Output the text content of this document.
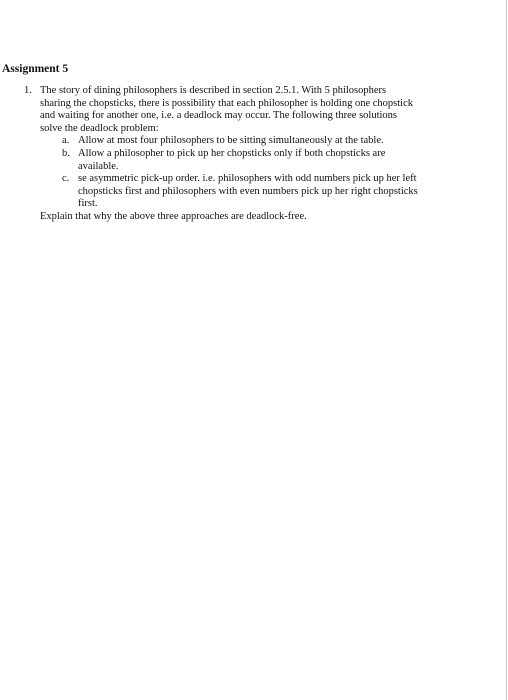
Assignment 5
1. The story of dining philosophers is described in section 2.5.1. With 5 philosophers
sharing the chopsticks, there is possibility that each philosopher is holding one chopstick
and waiting for another one, i.e. a deadlock may occur. The following three solutions
solve the deadlock problem:
a. Allow at most four philosophers to be sitting simultaneously at the table.
b. Allow a philosopher to pick up her chopsticks only if both chopsticks are
available.
c. se asymmetric pick-up order. i.e. philosophers with odd numbers pick up her left
chopsticks first and philosophers with even numbers pick up her right chopsticks
first.
Explain that why the above three approaches are deadlock-free.
